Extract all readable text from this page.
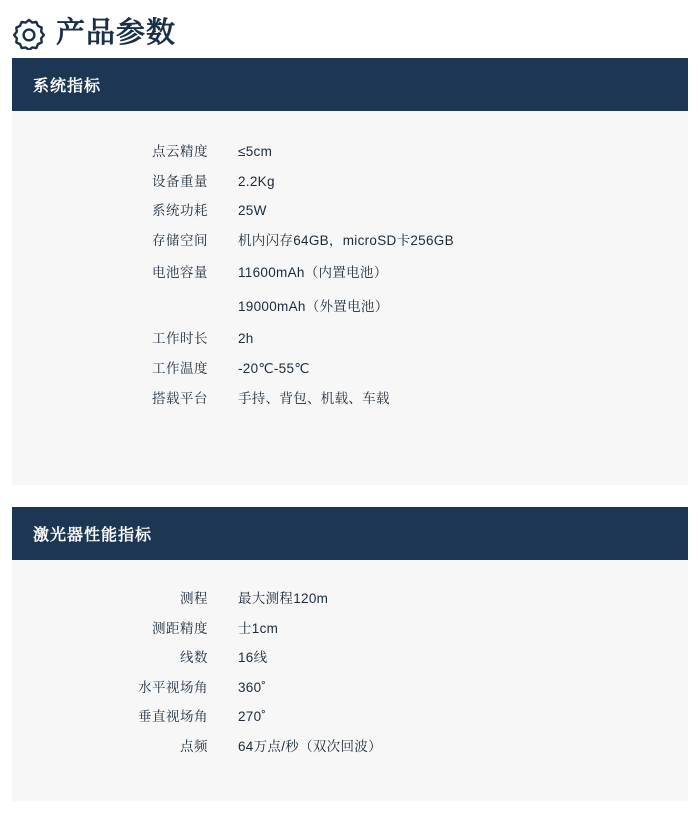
产品参数
系统指标
点云精度	≤5cm
设备重量	2.2Kg
系统功耗	25W
存储空间	机内闪存64GB，microSD卡256GB
电池容量	11600mAh（内置电池）
19000mAh（外置电池）

工作时长	2h
工作温度	-20℃-55℃
搭载平台	手持、背包、机载、车载
激光器性能指标
测程	最大测程120m
测距精度	士1cm
线数	16线
水平视场角	360˚
垂直视场角	270˚
点频	64万点/秒（双次回波）
